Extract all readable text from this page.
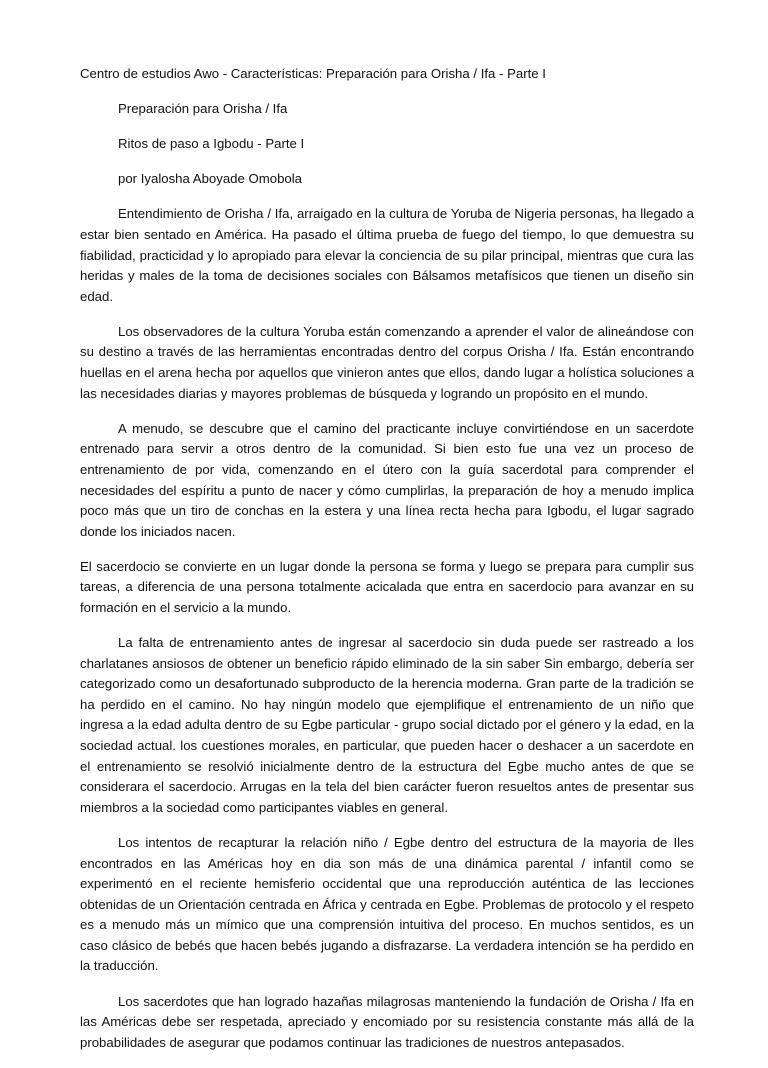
Centro de estudios Awo - Características: Preparación para Orisha / Ifa - Parte I
Preparación para Orisha / Ifa
Ritos de paso a Igbodu - Parte I
por Iyalosha Aboyade Omobola

Entendimiento de Orisha / Ifa, arraigado en la cultura de Yoruba de Nigeria personas, ha llegado a estar bien sentado en América. Ha pasado el última prueba de fuego del tiempo, lo que demuestra su fiabilidad, practicidad y lo apropiado para elevar la conciencia de su pilar principal, mientras que cura las heridas y males de la toma de decisiones sociales con Bálsamos metafísicos que tienen un diseño sin edad.

Los observadores de la cultura Yoruba están comenzando a aprender el valor de alineándose con su destino a través de las herramientas encontradas dentro del corpus Orisha / Ifa. Están encontrando huellas en el arena hecha por aquellos que vinieron antes que ellos, dando lugar a holística soluciones a las necesidades diarias y mayores problemas de búsqueda y logrando un propósito en el mundo.

A menudo, se descubre que el camino del practicante incluye convirtiéndose en un sacerdote entrenado para servir a otros dentro de la comunidad. Si bien esto fue una vez un proceso de entrenamiento de por vida, comenzando en el útero con la guía sacerdotal para comprender el necesidades del espíritu a punto de nacer y cómo cumplirlas, la preparación de hoy a menudo implica poco más que un tiro de conchas en la estera y una línea recta hecha para Igbodu, el lugar sagrado donde los iniciados nacen.

El sacerdocio se convierte en un lugar donde la persona se forma y luego se prepara para cumplir sus tareas, a diferencia de una persona totalmente acicalada que entra en sacerdocio para avanzar en su formación en el servicio a la mundo.

La falta de entrenamiento antes de ingresar al sacerdocio sin duda puede ser rastreado a los charlatanes ansiosos de obtener un beneficio rápido eliminado de la sin saber Sin embargo, debería ser categorizado como un desafortunado subproducto de la herencia moderna. Gran parte de la tradición se ha perdido en el camino. No hay ningún modelo que ejemplifique el entrenamiento de un niño que ingresa a la edad adulta dentro de su Egbe particular - grupo social dictado por el género y la edad, en la sociedad actual. los cuestiones morales, en particular, que pueden hacer o deshacer a un sacerdote en el entrenamiento se resolvió inicialmente dentro de la estructura del Egbe mucho antes de que se considerara el sacerdocio. Arrugas en la tela del bien carácter fueron resueltos antes de presentar sus miembros a la sociedad como participantes viables en general.

Los intentos de recapturar la relación niño / Egbe dentro del estructura de la mayoria de Iles encontrados en las Américas hoy en dia son más de una dinámica parental / infantil como se experimentó en el reciente hemisferio occidental que una reproducción auténtica de las lecciones obtenidas de un Orientación centrada en África y centrada en Egbe. Problemas de protocolo y el respeto es a menudo más un mímico que una comprensión intuitiva del proceso. En muchos sentidos, es un caso clásico de bebés que hacen bebés jugando a disfrazarse. La verdadera intención se ha perdido en la traducción.

Los sacerdotes que han logrado hazañas milagrosas manteniendo la fundación de Orisha / Ifa en las Américas debe ser respetada, apreciado y encomiado por su resistencia constante más allá de la probabilidades de asegurar que podamos continuar las tradiciones de nuestros antepasados.
